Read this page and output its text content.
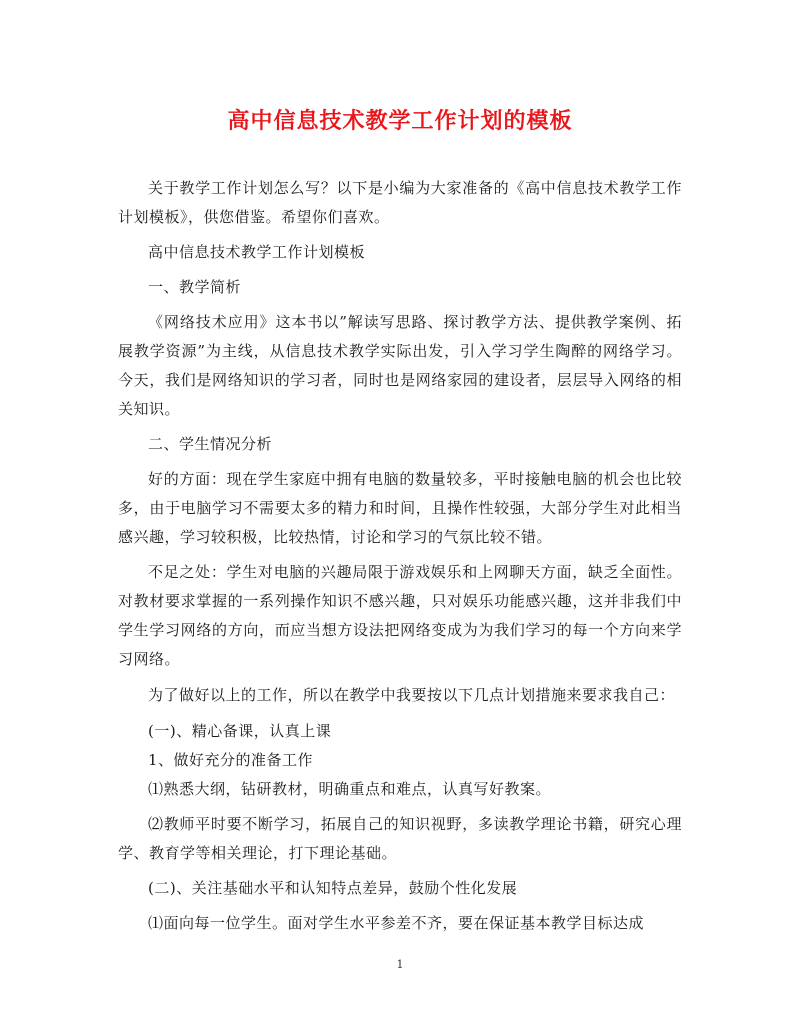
高中信息技术教学工作计划的模板

关于教学工作计划怎么写？以下是小编为大家准备的《高中信息技术教学工作计划模板》，供您借鉴。希望你们喜欢。

高中信息技术教学工作计划模板

一、教学简析

《网络技术应用》这本书以”解读写思路、探讨教学方法、提供教学案例、拓展教学资源”为主线，从信息技术教学实际出发，引入学习学生陶醉的网络学习。今天，我们是网络知识的学习者，同时也是网络家园的建设者，层层导入网络的相关知识。

二、学生情况分析

好的方面：现在学生家庭中拥有电脑的数量较多，平时接触电脑的机会也比较多，由于电脑学习不需要太多的精力和时间，且操作性较强，大部分学生对此相当感兴趣，学习较积极，比较热情，讨论和学习的气氛比较不错。

不足之处：学生对电脑的兴趣局限于游戏娱乐和上网聊天方面，缺乏全面性。对教材要求掌握的一系列操作知识不感兴趣，只对娱乐功能感兴趣，这并非我们中学生学习网络的方向，而应当想方设法把网络变成为为我们学习的每一个方向来学习网络。

为了做好以上的工作，所以在教学中我要按以下几点计划措施来要求我自己：

(一)、精心备课，认真上课

1、做好充分的准备工作

⑴熟悉大纲，钻研教材，明确重点和难点，认真写好教案。

⑵教师平时要不断学习，拓展自己的知识视野，多读教学理论书籍，研究心理学、教育学等相关理论，打下理论基础。

(二)、关注基础水平和认知特点差异，鼓励个性化发展

⑴面向每一位学生。面对学生水平参差不齐，要在保证基本教学目标达成

1
